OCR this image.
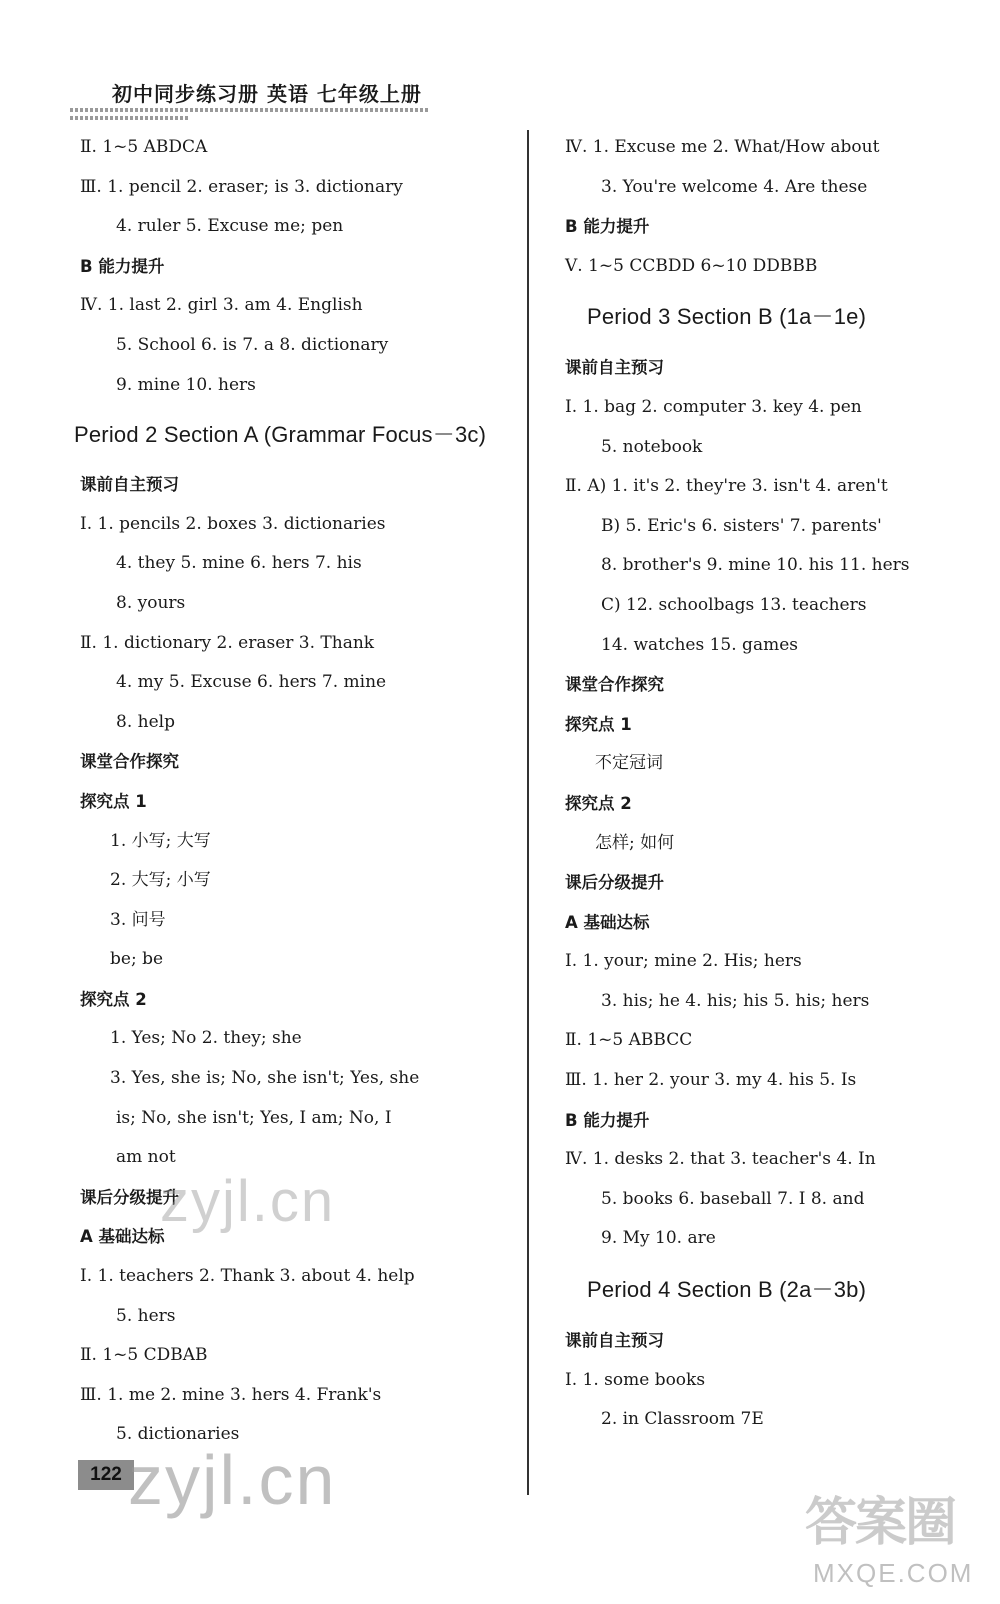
初中同步练习册 英语 七年级上册
Ⅱ. 1~5 ABDCA
Ⅲ. 1. pencil 2. eraser; is 3. dictionary
4. ruler 5. Excuse me; pen
B 能力提升
Ⅳ. 1. last 2. girl 3. am 4. English
5. School 6. is 7. a 8. dictionary
9. mine 10. hers
Period 2 Section A (Grammar Focus－3c)
课前自主预习
Ⅰ. 1. pencils 2. boxes 3. dictionaries
4. they 5. mine 6. hers 7. his
8. yours
Ⅱ. 1. dictionary 2. eraser 3. Thank
4. my 5. Excuse 6. hers 7. mine
8. help
课堂合作探究
探究点 1
1. 小写; 大写
2. 大写; 小写
3. 问号
be; be
探究点 2
1. Yes; No 2. they; she
3. Yes, she is; No, she isn't; Yes, she
is; No, she isn't; Yes, I am; No, I
am not
课后分级提升
A 基础达标
Ⅰ. 1. teachers 2. Thank 3. about 4. help
5. hers
Ⅱ. 1~5 CDBAB
Ⅲ. 1. me 2. mine 3. hers 4. Frank's
5. dictionaries
Ⅳ. 1. Excuse me 2. What/How about
3. You're welcome 4. Are these
B 能力提升
Ⅴ. 1~5 CCBDD 6~10 DDBBB
Period 3 Section B (1a－1e)
课前自主预习
Ⅰ. 1. bag 2. computer 3. key 4. pen
5. notebook
Ⅱ. A) 1. it's 2. they're 3. isn't 4. aren't
B) 5. Eric's 6. sisters' 7. parents'
8. brother's 9. mine 10. his 11. hers
C) 12. schoolbags 13. teachers
14. watches 15. games
课堂合作探究
探究点 1
不定冠词
探究点 2
怎样; 如何
课后分级提升
A 基础达标
Ⅰ. 1. your; mine 2. His; hers
3. his; he 4. his; his 5. his; hers
Ⅱ. 1~5 ABBCC
Ⅲ. 1. her 2. your 3. my 4. his 5. Is
B 能力提升
Ⅳ. 1. desks 2. that 3. teacher's 4. In
5. books 6. baseball 7. I 8. and
9. My 10. are
Period 4 Section B (2a－3b)
课前自主预习
Ⅰ. 1. some books
2. in Classroom 7E
zyjl.cn
122 zyjl.cn
答案圈
MXQE.COM
